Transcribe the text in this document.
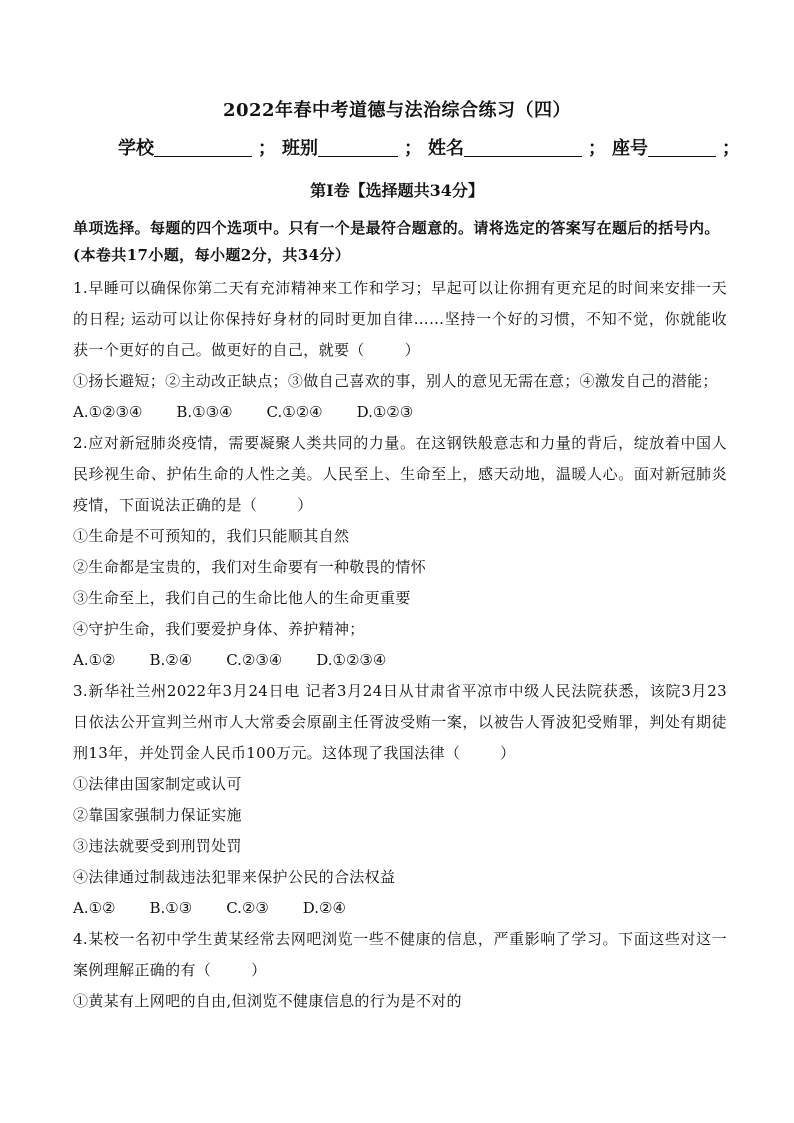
2022年春中考道德与法治综合练习（四）
学校	； 班别	； 姓名	； 座号	；
第Ⅰ卷【选择题共34分】

单项选择。每题的四个选项中。只有一个是最符合题意的。请将选定的答案写在题后的括号内。(本卷共17小题，每小题2分，共34分）

1.早睡可以确保你第二天有充沛精神来工作和学习；早起可以让你拥有更充足的时间来安排一天的日程; 运动可以让你保持好身材的同时更加自律……坚持一个好的习惯，不知不觉，你就能收获一个更好的自己。做更好的自己，就要（	）

①扬长避短；②主动改正缺点；③做自己喜欢的事，别人的意见无需在意；④激发自己的潜能；

A.①②③④ B.①③④ C.①②④ D.①②③

2.应对新冠肺炎疫情，需要凝聚人类共同的力量。在这钢铁般意志和力量的背后，绽放着中国人民珍视生命、护佑生命的人性之美。人民至上、生命至上，感天动地，温暖人心。面对新冠肺炎疫情，下面说法正确的是（	）

①生命是不可预知的，我们只能顺其自然

②生命都是宝贵的，我们对生命要有一种敬畏的情怀

③生命至上，我们自己的生命比他人的生命更重要

④守护生命，我们要爱护身体、养护精神；

A.①② B.②④ C.②③④ D.①②③④

3.新华社兰州2022年3月24日电 记者3月24日从甘肃省平凉市中级人民法院获悉，该院3月23日依法公开宣判兰州市人大常委会原副主任胥波受贿一案，以被告人胥波犯受贿罪，判处有期徒刑13年，并处罚金人民币100万元。这体现了我国法律（	）

①法律由国家制定或认可

②靠国家强制力保证实施

③违法就要受到刑罚处罚

④法律通过制裁违法犯罪来保护公民的合法权益

A.①② B.①③ C.②③ D.②④

4.某校一名初中学生黄某经常去网吧浏览一些不健康的信息，严重影响了学习。下面这些对这一案例理解正确的有（	）

①黄某有上网吧的自由,但浏览不健康信息的行为是不对的
